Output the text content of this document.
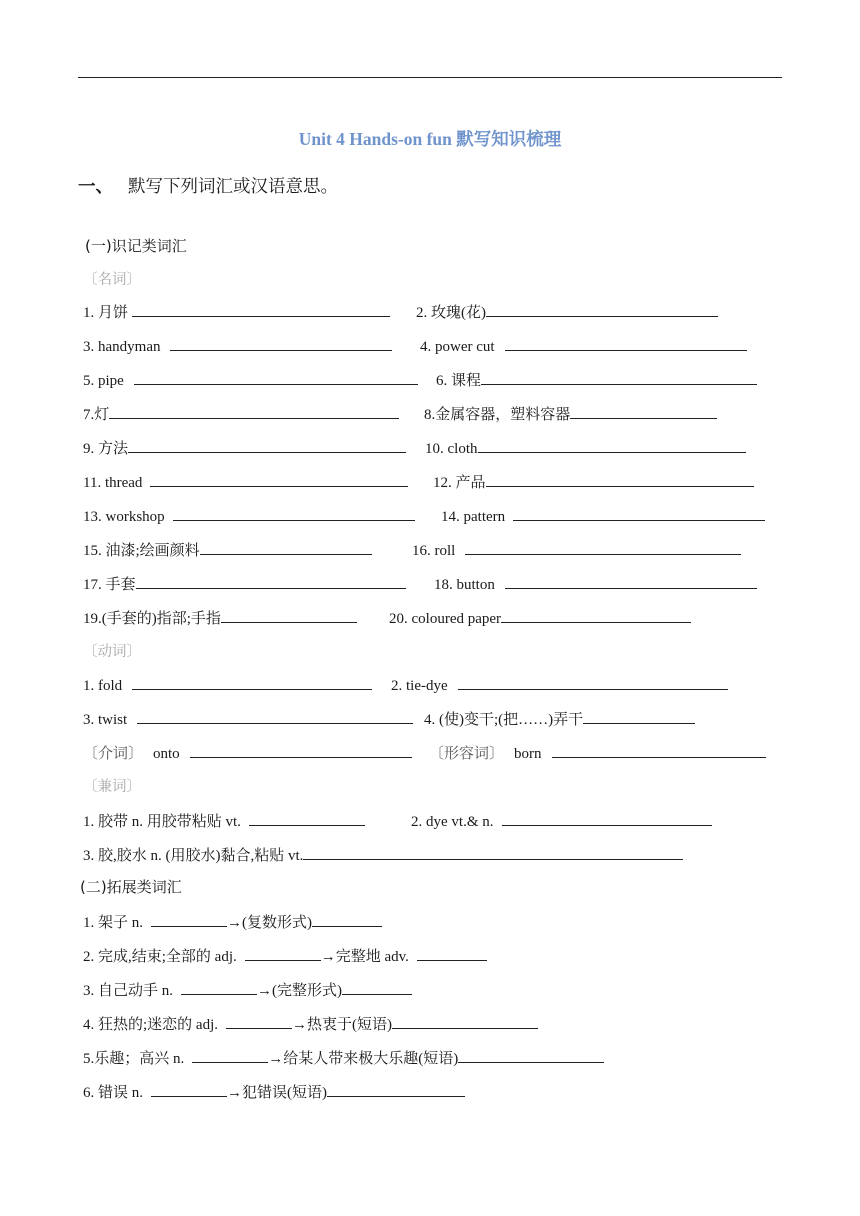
Unit 4 Hands-on fun 默写知识梳理
一、 默写下列词汇或汉语意思。
(一)识记类词汇
〔名词〕
1. 月饼	2. 玫瑰(花)
3. handyman	4. power cut
5. pipe	6. 课程
7.灯	8.金属容器，塑料容器
9. 方法	10. cloth
11. thread	12. 产品
13. workshop	14. pattern
15. 油漆;绘画颜料	16. roll
17. 手套	18. button
19.(手套的)指部;手指	20. coloured paper
〔动词〕
1. fold	2. tie-dye
3. twist	4. (使)变干;(把……)弄干
〔介词〕 onto	〔形容词〕 born
〔兼词〕
1. 胶带 n. 用胶带粘贴 vt.	2. dye vt.& n.
3. 胶,胶水 n. (用胶水)黏合,粘贴 vt.
(二)拓展类词汇
1. 架子 n.	→(复数形式)
2. 完成,结束;全部的 adj.	→完整地 adv.
3. 自己动手 n.	→(完整形式)
4. 狂热的;迷恋的 adj.	→热衷于(短语)
5.乐趣；高兴 n.	→给某人带来极大乐趣(短语)
6. 错误 n.	→犯错误(短语)
